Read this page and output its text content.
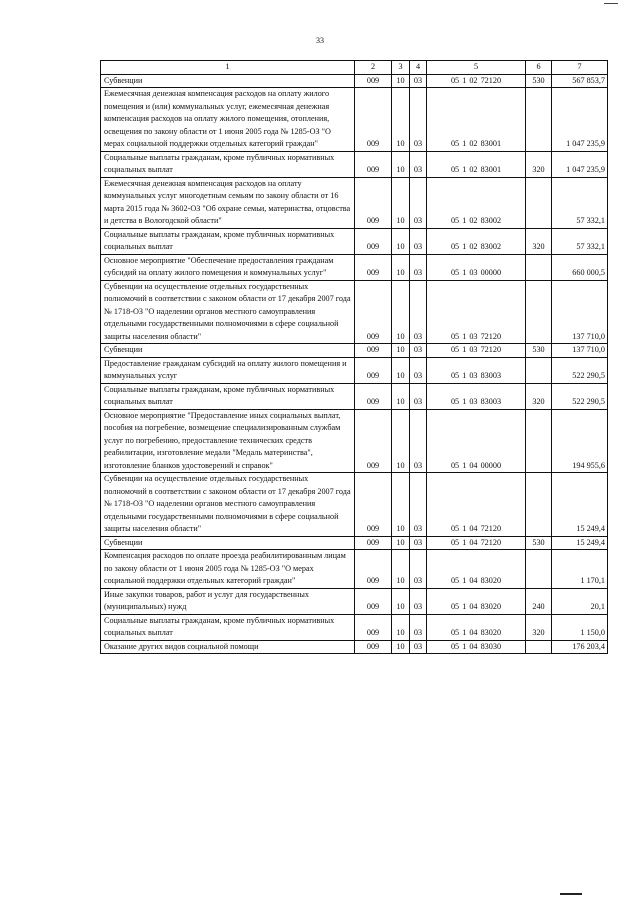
33
1	2	3	4	5	6	7
Субвенции	009	10	03	05 1 02 72120	530	567 853,7
Ежемесячная денежная компенсация расходов на оплату жилого помещения и (или) коммунальных услуг, ежемесячная денежная компенсация расходов на оплату жилого помещения, отопления, освещения по закону области от 1 июня 2005 года № 1285-ОЗ "О мерах социальной поддержки отдельных категорий граждан"	009	10	03	05 1 02 83001		1 047 235,9
Социальные выплаты гражданам, кроме публичных нормативных социальных выплат	009	10	03	05 1 02 83001	320	1 047 235,9
Ежемесячная денежная компенсация расходов на оплату коммунальных услуг многодетным семьям по закону области от 16 марта 2015 года № 3602-ОЗ "Об охране семьи, материнства, отцовства и детства в Вологодской области"	009	10	03	05 1 02 83002		57 332,1
Социальные выплаты гражданам, кроме публичных нормативных социальных выплат	009	10	03	05 1 02 83002	320	57 332,1
Основное мероприятие "Обеспечение предоставления гражданам субсидий на оплату жилого помещения и коммунальных услуг"	009	10	03	05 1 03 00000		660 000,5
Субвенции на осуществление отдельных государственных полномочий в соответствии с законом области от 17 декабря 2007 года № 1718-ОЗ "О наделении органов местного самоуправления отдельными государственными полномочиями в сфере социальной защиты населения области"	009	10	03	05 1 03 72120		137 710,0
Субвенции	009	10	03	05 1 03 72120	530	137 710,0
Предоставление гражданам субсидий на оплату жилого помещения и коммунальных услуг	009	10	03	05 1 03 83003		522 290,5
Социальные выплаты гражданам, кроме публичных нормативных социальных выплат	009	10	03	05 1 03 83003	320	522 290,5
Основное мероприятие "Предоставление иных социальных выплат, пособия на погребение, возмещение специализированным службам услуг по погребению, предоставление технических средств реабилитации, изготовление медали "Медаль материнства", изготовление бланков удостоверений и справок"	009	10	03	05 1 04 00000		194 955,6
Субвенции на осуществление отдельных государственных полномочий в соответствии с законом области от 17 декабря 2007 года № 1718-ОЗ "О наделении органов местного самоуправления отдельными государственными полномочиями в сфере социальной защиты населения области"	009	10	03	05 1 04 72120		15 249,4
Субвенции	009	10	03	05 1 04 72120	530	15 249,4
Компенсация расходов по оплате проезда реабилитированным лицам по закону области от 1 июня 2005 года № 1285-ОЗ "О мерах социальной поддержки отдельных категорий граждан"	009	10	03	05 1 04 83020		1 170,1
Иные закупки товаров, работ и услуг для государственных (муниципальных) нужд	009	10	03	05 1 04 83020	240	20,1
Социальные выплаты гражданам, кроме публичных нормативных социальных выплат	009	10	03	05 1 04 83020	320	1 150,0
Оказание других видов социальной помощи	009	10	03	05 1 04 83030		176 203,4
